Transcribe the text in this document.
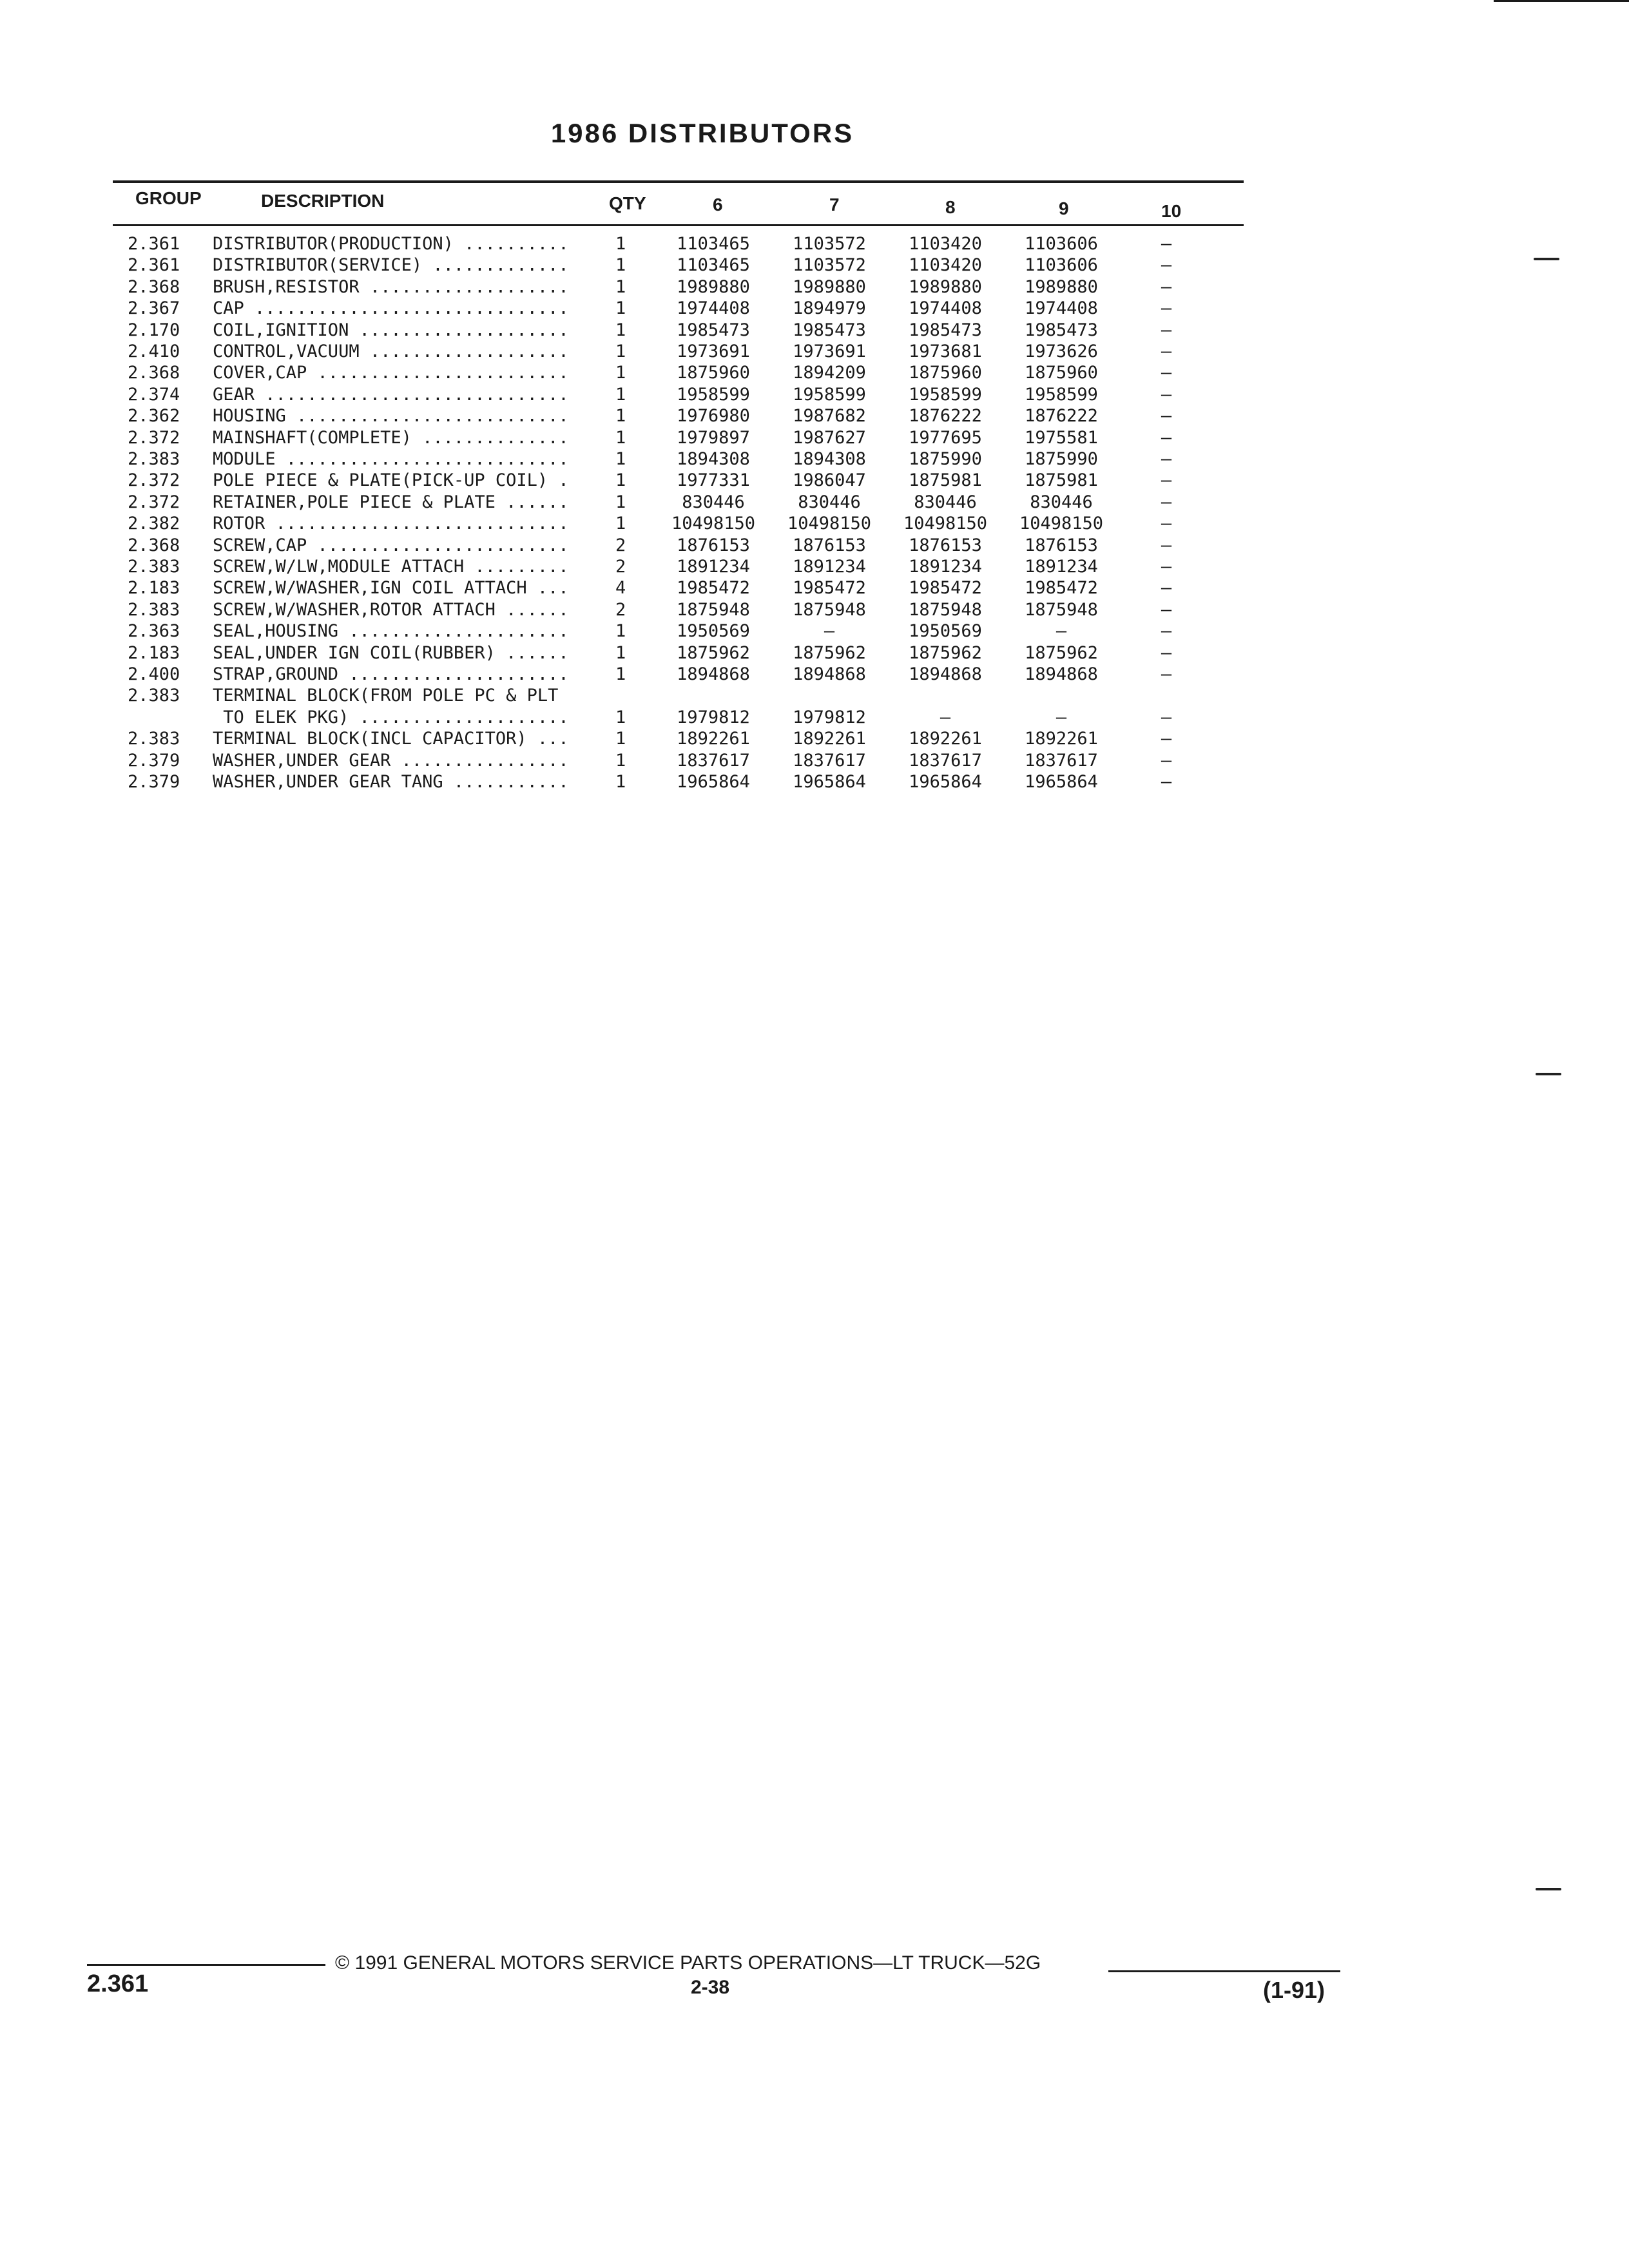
1986 DISTRIBUTORS
GROUP	DESCRIPTION	QTY	6	7	8	9	10
2.361 DISTRIBUTOR(PRODUCTION) ..........	1	1103465	1103572	1103420	1103606	—
2.361 DISTRIBUTOR(SERVICE) .............	1	1103465	1103572	1103420	1103606	—
2.368 BRUSH,RESISTOR ...................	1	1989880	1989880	1989880	1989880	—
2.367 CAP ..............................	1	1974408	1894979	1974408	1974408	—
2.170 COIL,IGNITION ....................	1	1985473	1985473	1985473	1985473	—
2.410 CONTROL,VACUUM ...................	1	1973691	1973691	1973681	1973626	—
2.368 COVER,CAP ........................	1	1875960	1894209	1875960	1875960	—
2.374 GEAR .............................	1	1958599	1958599	1958599	1958599	—
2.362 HOUSING ..........................	1	1976980	1987682	1876222	1876222	—
2.372 MAINSHAFT(COMPLETE) ..............	1	1979897	1987627	1977695	1975581	—
2.383 MODULE ...........................	1	1894308	1894308	1875990	1875990	—
2.372 POLE PIECE & PLATE(PICK-UP COIL) .	1	1977331	1986047	1875981	1875981	—
2.372 RETAINER,POLE PIECE & PLATE ......	1	830446	830446	830446	830446	—
2.382 ROTOR ............................	1	10498150	10498150	10498150	10498150	—
2.368 SCREW,CAP ........................	2	1876153	1876153	1876153	1876153	—
2.383 SCREW,W/LW,MODULE ATTACH .........	2	1891234	1891234	1891234	1891234	—
2.183 SCREW,W/WASHER,IGN COIL ATTACH ...	4	1985472	1985472	1985472	1985472	—
2.383 SCREW,W/WASHER,ROTOR ATTACH ......	2	1875948	1875948	1875948	1875948	—
2.363 SEAL,HOUSING .....................	1	1950569	—	1950569	—	—
2.183 SEAL,UNDER IGN COIL(RUBBER) ......	1	1875962	1875962	1875962	1875962	—
2.400 STRAP,GROUND .....................	1	1894868	1894868	1894868	1894868	—
2.383 TERMINAL BLOCK(FROM POLE PC & PLT
TO ELEK PKG) ....................	1	1979812	1979812	—	—	—
2.383 TERMINAL BLOCK(INCL CAPACITOR) ...	1	1892261	1892261	1892261	1892261	—
2.379 WASHER,UNDER GEAR ................	1	1837617	1837617	1837617	1837617	—
2.379 WASHER,UNDER GEAR TANG ...........	1	1965864	1965864	1965864	1965864	—
© 1991 GENERAL MOTORS SERVICE PARTS OPERATIONS—LT TRUCK—52G
2.361	2-38	(1-91)
